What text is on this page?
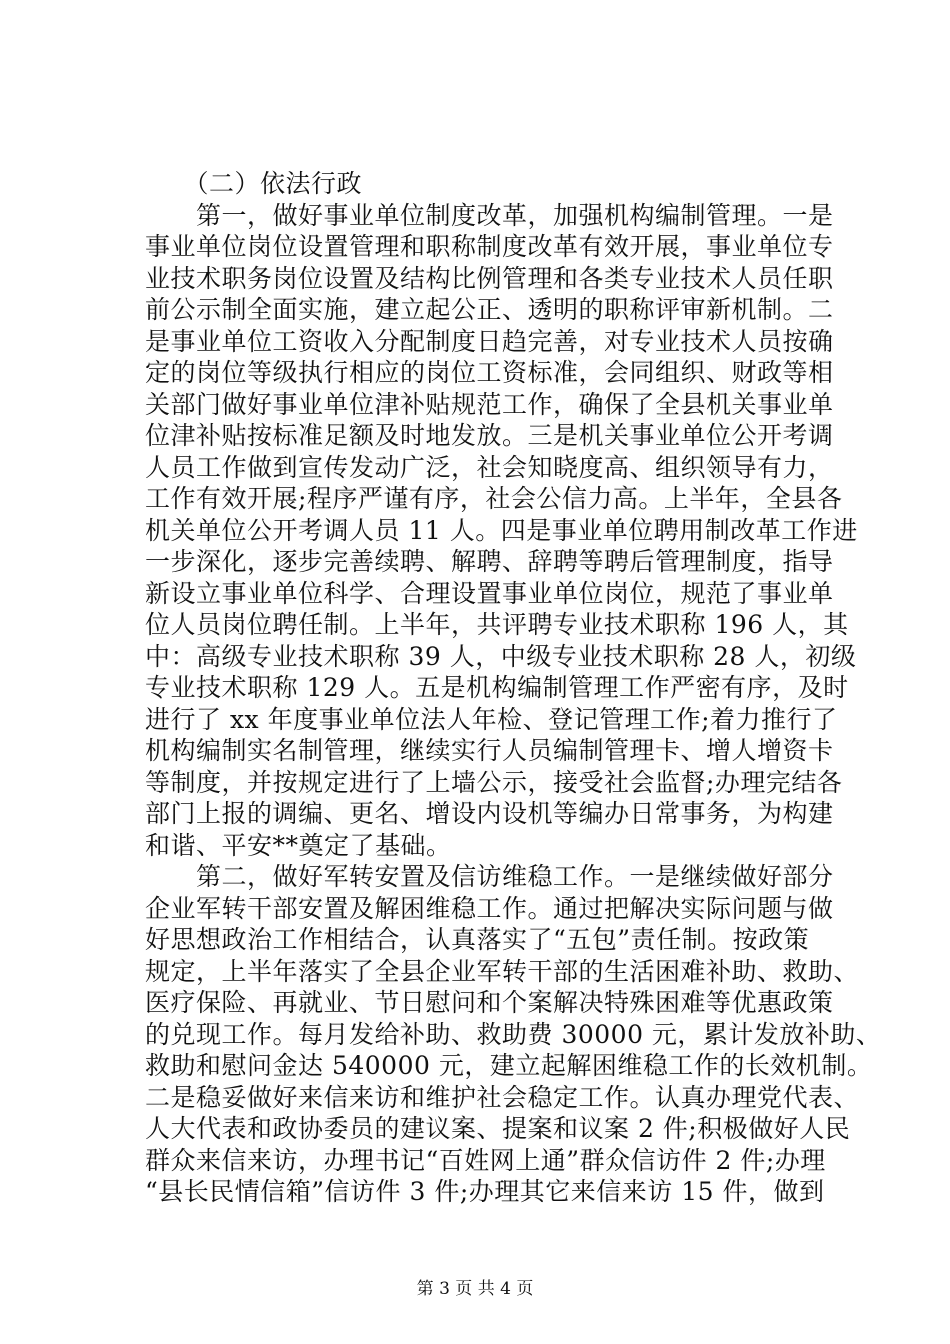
　　（二）依法行政
　　第一，做好事业单位制度改革，加强机构编制管理。一是
事业单位岗位设置管理和职称制度改革有效开展，事业单位专
业技术职务岗位设置及结构比例管理和各类专业技术人员任职
前公示制全面实施，建立起公正、透明的职称评审新机制。二
是事业单位工资收入分配制度日趋完善，对专业技术人员按确
定的岗位等级执行相应的岗位工资标准，会同组织、财政等相
关部门做好事业单位津补贴规范工作，确保了全县机关事业单
位津补贴按标准足额及时地发放。三是机关事业单位公开考调
人员工作做到宣传发动广泛，社会知晓度高、组织领导有力，
工作有效开展;程序严谨有序，社会公信力高。上半年，全县各
机关单位公开考调人员 11 人。四是事业单位聘用制改革工作进
一步深化，逐步完善续聘、解聘、辞聘等聘后管理制度，指导
新设立事业单位科学、合理设置事业单位岗位，规范了事业单
位人员岗位聘任制。上半年，共评聘专业技术职称 196 人，其
中：高级专业技术职称 39 人，中级专业技术职称 28 人，初级
专业技术职称 129 人。五是机构编制管理工作严密有序，及时
进行了 xx 年度事业单位法人年检、登记管理工作;着力推行了
机构编制实名制管理，继续实行人员编制管理卡、增人增资卡
等制度，并按规定进行了上墙公示，接受社会监督;办理完结各
部门上报的调编、更名、增设内设机等编办日常事务，为构建
和谐、平安**奠定了基础。
　　第二，做好军转安置及信访维稳工作。一是继续做好部分
企业军转干部安置及解困维稳工作。通过把解决实际问题与做
好思想政治工作相结合，认真落实了“五包”责任制。按政策
规定，上半年落实了全县企业军转干部的生活困难补助、救助、
医疗保险、再就业、节日慰问和个案解决特殊困难等优惠政策
的兑现工作。每月发给补助、救助费 30000 元，累计发放补助、
救助和慰问金达 540000 元，建立起解困维稳工作的长效机制。
二是稳妥做好来信来访和维护社会稳定工作。认真办理党代表、
人大代表和政协委员的建议案、提案和议案 2 件;积极做好人民
群众来信来访，办理书记“百姓网上通”群众信访件 2 件;办理
“县长民情信箱”信访件 3 件;办理其它来信来访 15 件，做到
第 3 页 共 4 页
